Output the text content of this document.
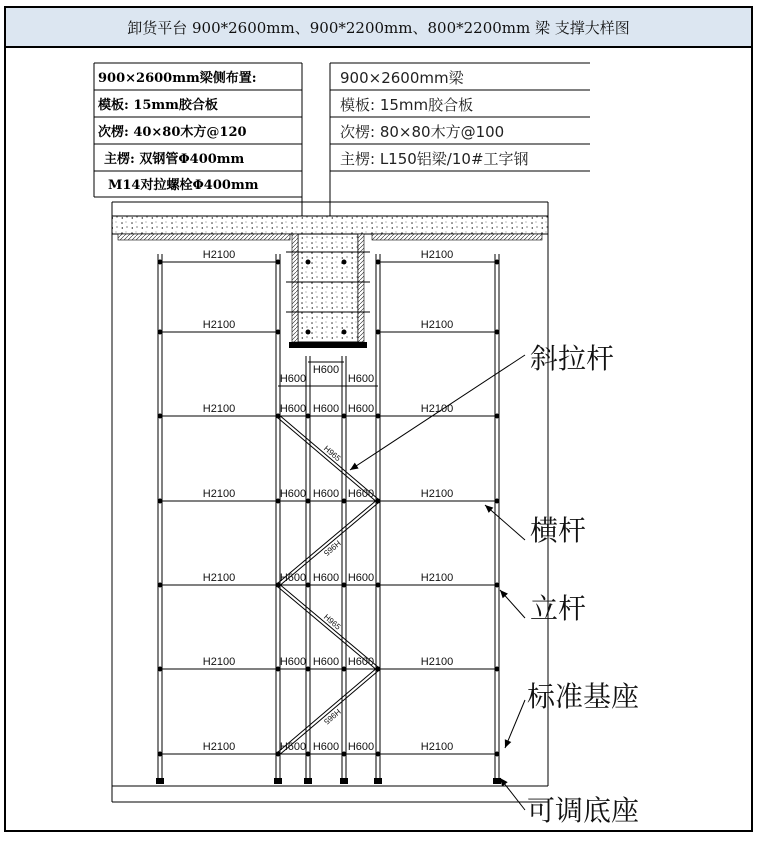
卸货平台 900*2600mm、900*2200mm、800*2200mm 梁 支撑大样图
900×2600mm梁侧布置:
模板: 15mm胶合板
次楞: 40×80木方@120
主楞: 双钢管Φ400mm
M14对拉螺栓Φ400mm
900×2600mm梁
模板: 15mm胶合板
次楞: 80×80木方@100
主楞: L150铝梁/10#工字钢
H965
H965
H965
H965
H2100	H2100
H2100	H2100
H2100	H2100
H600 H600 H600
H2100	H2100
H600 H600 H600
H2100	H2100
H600 H600 H600
H2100	H2100
H600 H600 H600
H2100	H2100
H600 H600 H600
H600	H600
H600	斜拉杆
横杆
立杆
标准基座
可调底座
